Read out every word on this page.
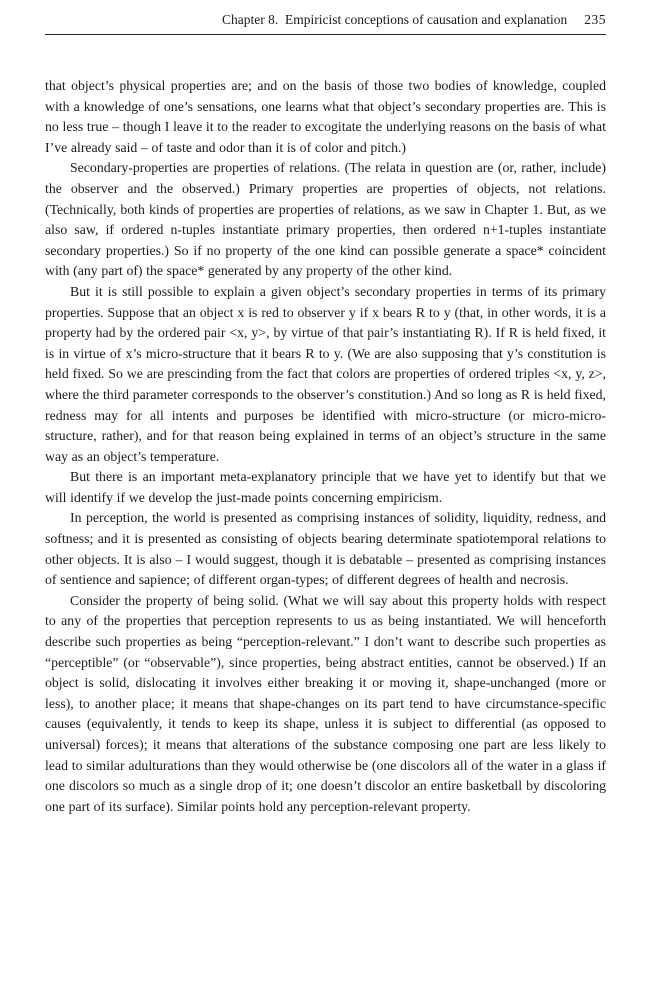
Chapter 8. Empiricist conceptions of causation and explanation 235

that object’s physical properties are; and on the basis of those two bodies of knowledge, coupled with a knowledge of one’s sensations, one learns what that object’s secondary properties are. This is no less true – though I leave it to the reader to excogitate the underlying reasons on the basis of what I’ve already said – of taste and odor than it is of color and pitch.)

Secondary-properties are properties of relations. (The relata in question are (or, rather, include) the observer and the observed.) Primary properties are properties of objects, not relations. (Technically, both kinds of properties are properties of relations, as we saw in Chapter 1. But, as we also saw, if ordered n-tuples instantiate primary properties, then ordered n+1-tuples instantiate secondary properties.) So if no property of the one kind can possible generate a space* coincident with (any part of) the space* generated by any property of the other kind.

But it is still possible to explain a given object’s secondary properties in terms of its primary properties. Suppose that an object x is red to observer y if x bears R to y (that, in other words, it is a property had by the ordered pair <x, y>, by virtue of that pair’s instantiating R). If R is held fixed, it is in virtue of x’s micro-structure that it bears R to y. (We are also supposing that y’s constitution is held fixed. So we are prescinding from the fact that colors are properties of ordered triples <x, y, z>, where the third parameter corresponds to the observer’s constitution.) And so long as R is held fixed, redness may for all intents and purposes be identified with micro-structure (or micro-micro-structure, rather), and for that reason being explained in terms of an object’s structure in the same way as an object’s temperature.

But there is an important meta-explanatory principle that we have yet to identify but that we will identify if we develop the just-made points concerning empiricism.

In perception, the world is presented as comprising instances of solidity, liquidity, redness, and softness; and it is presented as consisting of objects bearing determinate spatiotemporal relations to other objects. It is also – I would suggest, though it is debatable – presented as comprising instances of sentience and sapience; of different organ-types; of different degrees of health and necrosis.

Consider the property of being solid. (What we will say about this property holds with respect to any of the properties that perception represents to us as being instantiated. We will henceforth describe such properties as being “perception-relevant.” I don’t want to describe such properties as “perceptible” (or “observable”), since properties, being abstract entities, cannot be observed.) If an object is solid, dislocating it involves either breaking it or moving it, shape-unchanged (more or less), to another place; it means that shape-changes on its part tend to have circumstance-specific causes (equivalently, it tends to keep its shape, unless it is subject to differential (as opposed to universal) forces); it means that alterations of the substance composing one part are less likely to lead to similar adulturations than they would otherwise be (one discolors all of the water in a glass if one discolors so much as a single drop of it; one doesn’t discolor an entire basketball by discoloring one part of its surface). Similar points hold any perception-relevant property.
